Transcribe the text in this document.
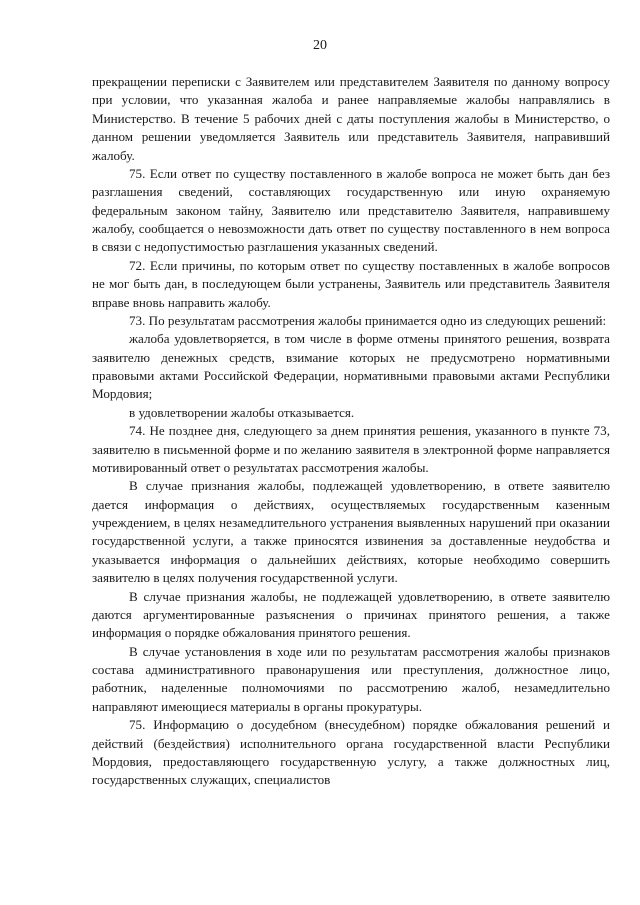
20

прекращении переписки с Заявителем или представителем Заявителя по данному вопросу при условии, что указанная жалоба и ранее направляемые жалобы направлялись в Министерство. В течение 5 рабочих дней с даты поступления жалобы в Министерство, о данном решении уведомляется Заявитель или представитель Заявителя, направивший жалобу.

75. Если ответ по существу поставленного в жалобе вопроса не может быть дан без разглашения сведений, составляющих государственную или иную охраняемую федеральным законом тайну, Заявителю или представителю Заявителя, направившему жалобу, сообщается о невозможности дать ответ по существу поставленного в нем вопроса в связи с недопустимостью разглашения указанных сведений.

72. Если причины, по которым ответ по существу поставленных в жалобе вопросов не мог быть дан, в последующем были устранены, Заявитель или представитель Заявителя вправе вновь направить жалобу.

73. По результатам рассмотрения жалобы принимается одно из следующих решений:

жалоба удовлетворяется, в том числе в форме отмены принятого решения, возврата заявителю денежных средств, взимание которых не предусмотрено нормативными правовыми актами Российской Федерации, нормативными правовыми актами Республики Мордовия;

в удовлетворении жалобы отказывается.

74. Не позднее дня, следующего за днем принятия решения, указанного в пункте 73, заявителю в письменной форме и по желанию заявителя в электронной форме направляется мотивированный ответ о результатах рассмотрения жалобы.

В случае признания жалобы, подлежащей удовлетворению, в ответе заявителю дается информация о действиях, осуществляемых государственным казенным учреждением, в целях незамедлительного устранения выявленных нарушений при оказании государственной услуги, а также приносятся извинения за доставленные неудобства и указывается информация о дальнейших действиях, которые необходимо совершить заявителю в целях получения государственной услуги.

В случае признания жалобы, не подлежащей удовлетворению, в ответе заявителю даются аргументированные разъяснения о причинах принятого решения, а также информация о порядке обжалования принятого решения.

В случае установления в ходе или по результатам рассмотрения жалобы признаков состава административного правонарушения или преступления, должностное лицо, работник, наделенные полномочиями по рассмотрению жалоб, незамедлительно направляют имеющиеся материалы в органы прокуратуры.

75. Информацию о досудебном (внесудебном) порядке обжалования решений и действий (бездействия) исполнительного органа государственной власти Республики Мордовия, предоставляющего государственную услугу, а также должностных лиц, государственных служащих, специалистов
